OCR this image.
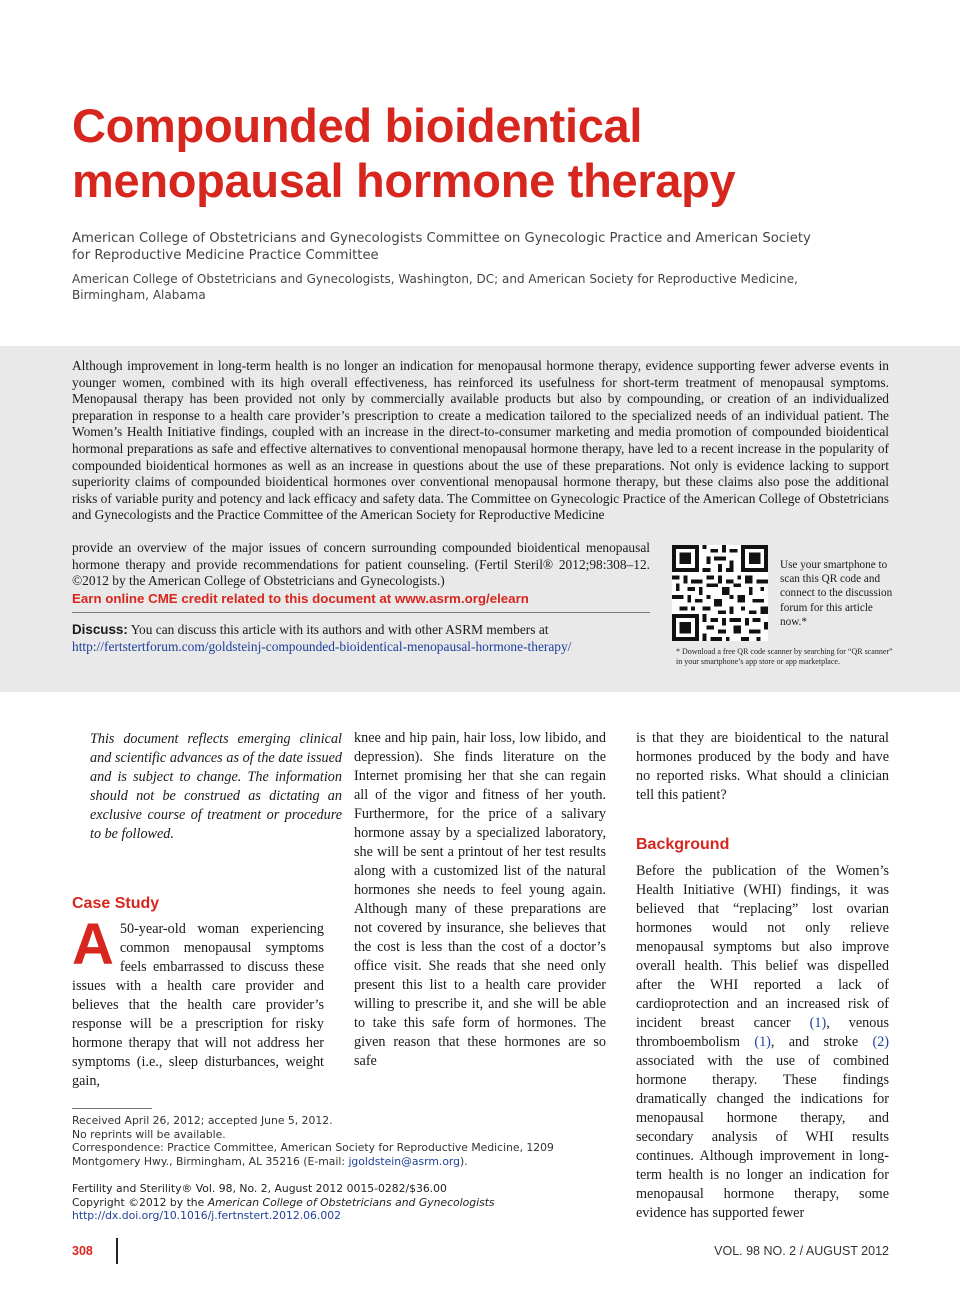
Compounded bioidentical menopausal hormone therapy
American College of Obstetricians and Gynecologists Committee on Gynecologic Practice and American Society for Reproductive Medicine Practice Committee
American College of Obstetricians and Gynecologists, Washington, DC; and American Society for Reproductive Medicine, Birmingham, Alabama
Although improvement in long-term health is no longer an indication for menopausal hormone therapy, evidence supporting fewer adverse events in younger women, combined with its high overall effectiveness, has reinforced its usefulness for short-term treatment of menopausal symptoms. Menopausal therapy has been provided not only by commercially available products but also by compounding, or creation of an individualized preparation in response to a health care provider’s prescription to create a medication tailored to the specialized needs of an individual patient. The Women’s Health Initiative findings, coupled with an increase in the direct-to-consumer marketing and media promotion of compounded bioidentical hormonal preparations as safe and effective alternatives to conventional menopausal hormone therapy, have led to a recent increase in the popularity of compounded bioidentical hormones as well as an increase in questions about the use of these preparations. Not only is evidence lacking to support superiority claims of compounded bioidentical hormones over conventional menopausal hormone therapy, but these claims also pose the additional risks of variable purity and potency and lack efficacy and safety data. The Committee on Gynecologic Practice of the American College of Obstetricians and Gynecologists and the Practice Committee of the American Society for Reproductive Medicine
provide an overview of the major issues of concern surrounding compounded bioidentical menopausal hormone therapy and provide recommendations for patient counseling. (Fertil Steril® 2012;98:308–12. ©2012 by the American College of Obstetricians and Gynecologists.)
Earn online CME credit related to this document at www.asrm.org/elearn
Discuss: You can discuss this article with its authors and with other ASRM members at http://fertstertforum.com/goldsteinj-compounded-bioidentical-menopausal-hormone-therapy/
Use your smartphone to scan this QR code and connect to the discussion forum for this article now.*
* Download a free QR code scanner by searching for “QR scanner” in your smartphone’s app store or app marketplace.
This document reflects emerging clinical and scientific advances as of the date issued and is subject to change. The information should not be construed as dictating an exclusive course of treatment or procedure to be followed.
Case Study
A 50-year-old woman experiencing common menopausal symptoms feels embarrassed to discuss these issues with a health care provider and believes that the health care provider’s response will be a prescription for risky hormone therapy that will not address her symptoms (i.e., sleep disturbances, weight gain,
knee and hip pain, hair loss, low libido, and depression). She finds literature on the Internet promising her that she can regain all of the vigor and fitness of her youth. Furthermore, for the price of a salivary hormone assay by a specialized laboratory, she will be sent a printout of her test results along with a customized list of the natural hormones she needs to feel young again. Although many of these preparations are not covered by insurance, she believes that the cost is less than the cost of a doctor’s office visit. She reads that she need only present this list to a health care provider willing to prescribe it, and she will be able to take this safe form of hormones. The given reason that these hormones are so safe
is that they are bioidentical to the natural hormones produced by the body and have no reported risks. What should a clinician tell this patient?
Background
Before the publication of the Women’s Health Initiative (WHI) findings, it was believed that “replacing” lost ovarian hormones would not only relieve menopausal symptoms but also improve overall health. This belief was dispelled after the WHI reported a lack of cardioprotection and an increased risk of incident breast cancer (1), venous thromboembolism (1), and stroke (2) associated with the use of combined hormone therapy. These findings dramatically changed the indications for menopausal hormone therapy, and secondary analysis of WHI results continues. Although improvement in long-term health is no longer an indication for menopausal hormone therapy, some evidence has supported fewer
Received April 26, 2012; accepted June 5, 2012.
No reprints will be available.
Correspondence: Practice Committee, American Society for Reproductive Medicine, 1209 Montgomery Hwy., Birmingham, AL 35216 (E-mail: jgoldstein@asrm.org).
Fertility and Sterility® Vol. 98, No. 2, August 2012 0015-0282/$36.00
Copyright ©2012 by the American College of Obstetricians and Gynecologists
http://dx.doi.org/10.1016/j.fertnstert.2012.06.002
308	VOL. 98 NO. 2 / AUGUST 2012
